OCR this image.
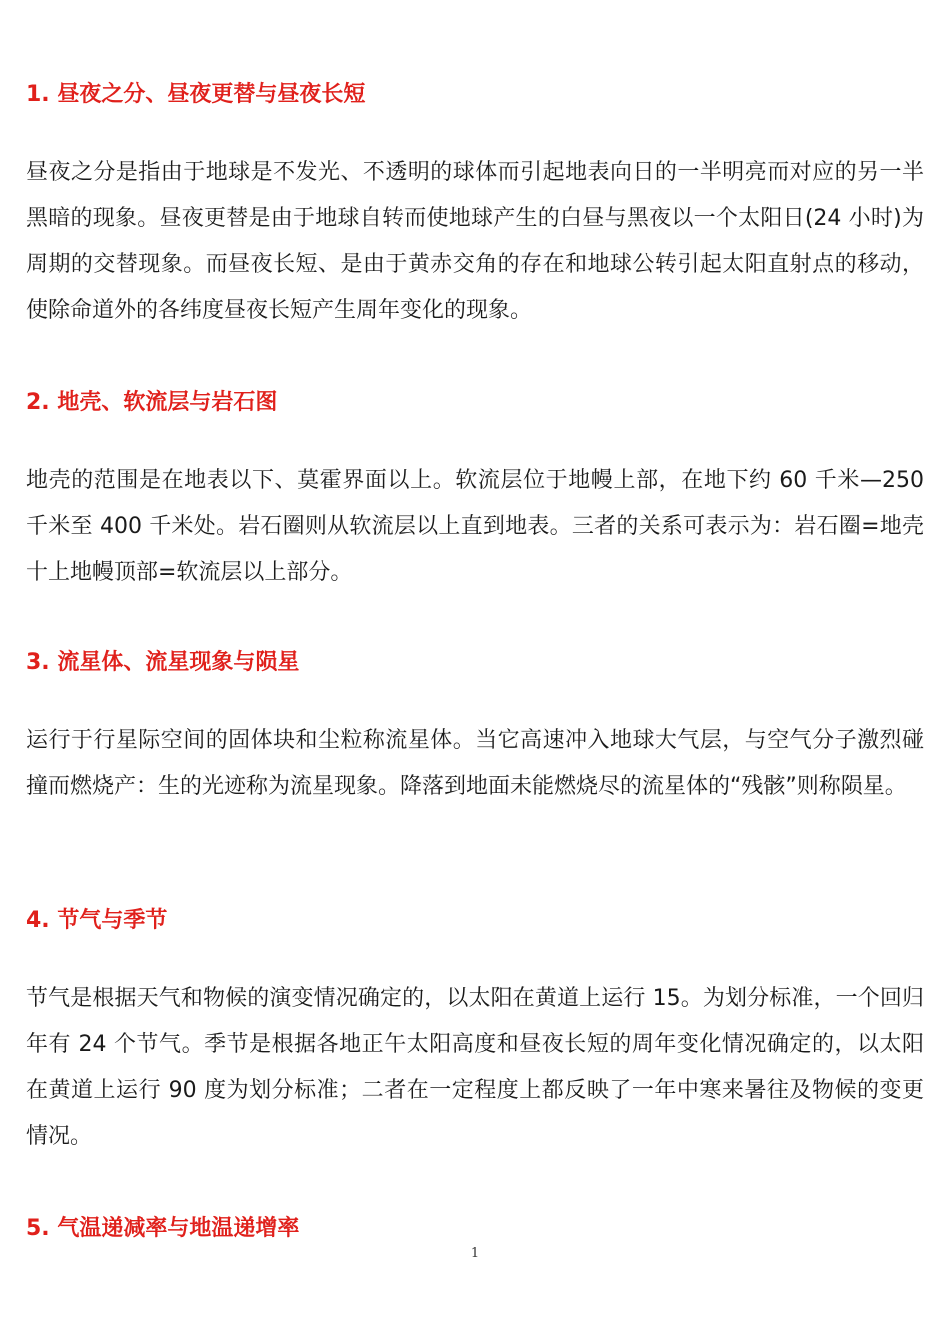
1. 昼夜之分、昼夜更替与昼夜长短

昼夜之分是指由于地球是不发光、不透明的球体而引起地表向日的一半明亮而对应的另一半黑暗的现象。昼夜更替是由于地球自转而使地球产生的白昼与黑夜以一个太阳日(24 小时)为周期的交替现象。而昼夜长短、是由于黄赤交角的存在和地球公转引起太阳直射点的移动，使除命道外的各纬度昼夜长短产生周年变化的现象。

2. 地壳、软流层与岩石图

地壳的范围是在地表以下、莫霍界面以上。软流层位于地幔上部，在地下约 60 千米—250 千米至 400 千米处。岩石圈则从软流层以上直到地表。三者的关系可表示为：岩石圈=地壳十上地幔顶部=软流层以上部分。

3. 流星体、流星现象与陨星

运行于行星际空间的固体块和尘粒称流星体。当它高速冲入地球大气层，与空气分子激烈碰撞而燃烧产：生的光迹称为流星现象。降落到地面未能燃烧尽的流星体的“残骸”则称陨星。

4. 节气与季节

节气是根据天气和物候的演变情况确定的，以太阳在黄道上运行 15。为划分标准，一个回归年有 24 个节气。季节是根据各地正午太阳高度和昼夜长短的周年变化情况确定的，以太阳在黄道上运行 90 度为划分标准；二者在一定程度上都反映了一年中寒来暑往及物候的变更情况。

5. 气温递减率与地温递增率
1
